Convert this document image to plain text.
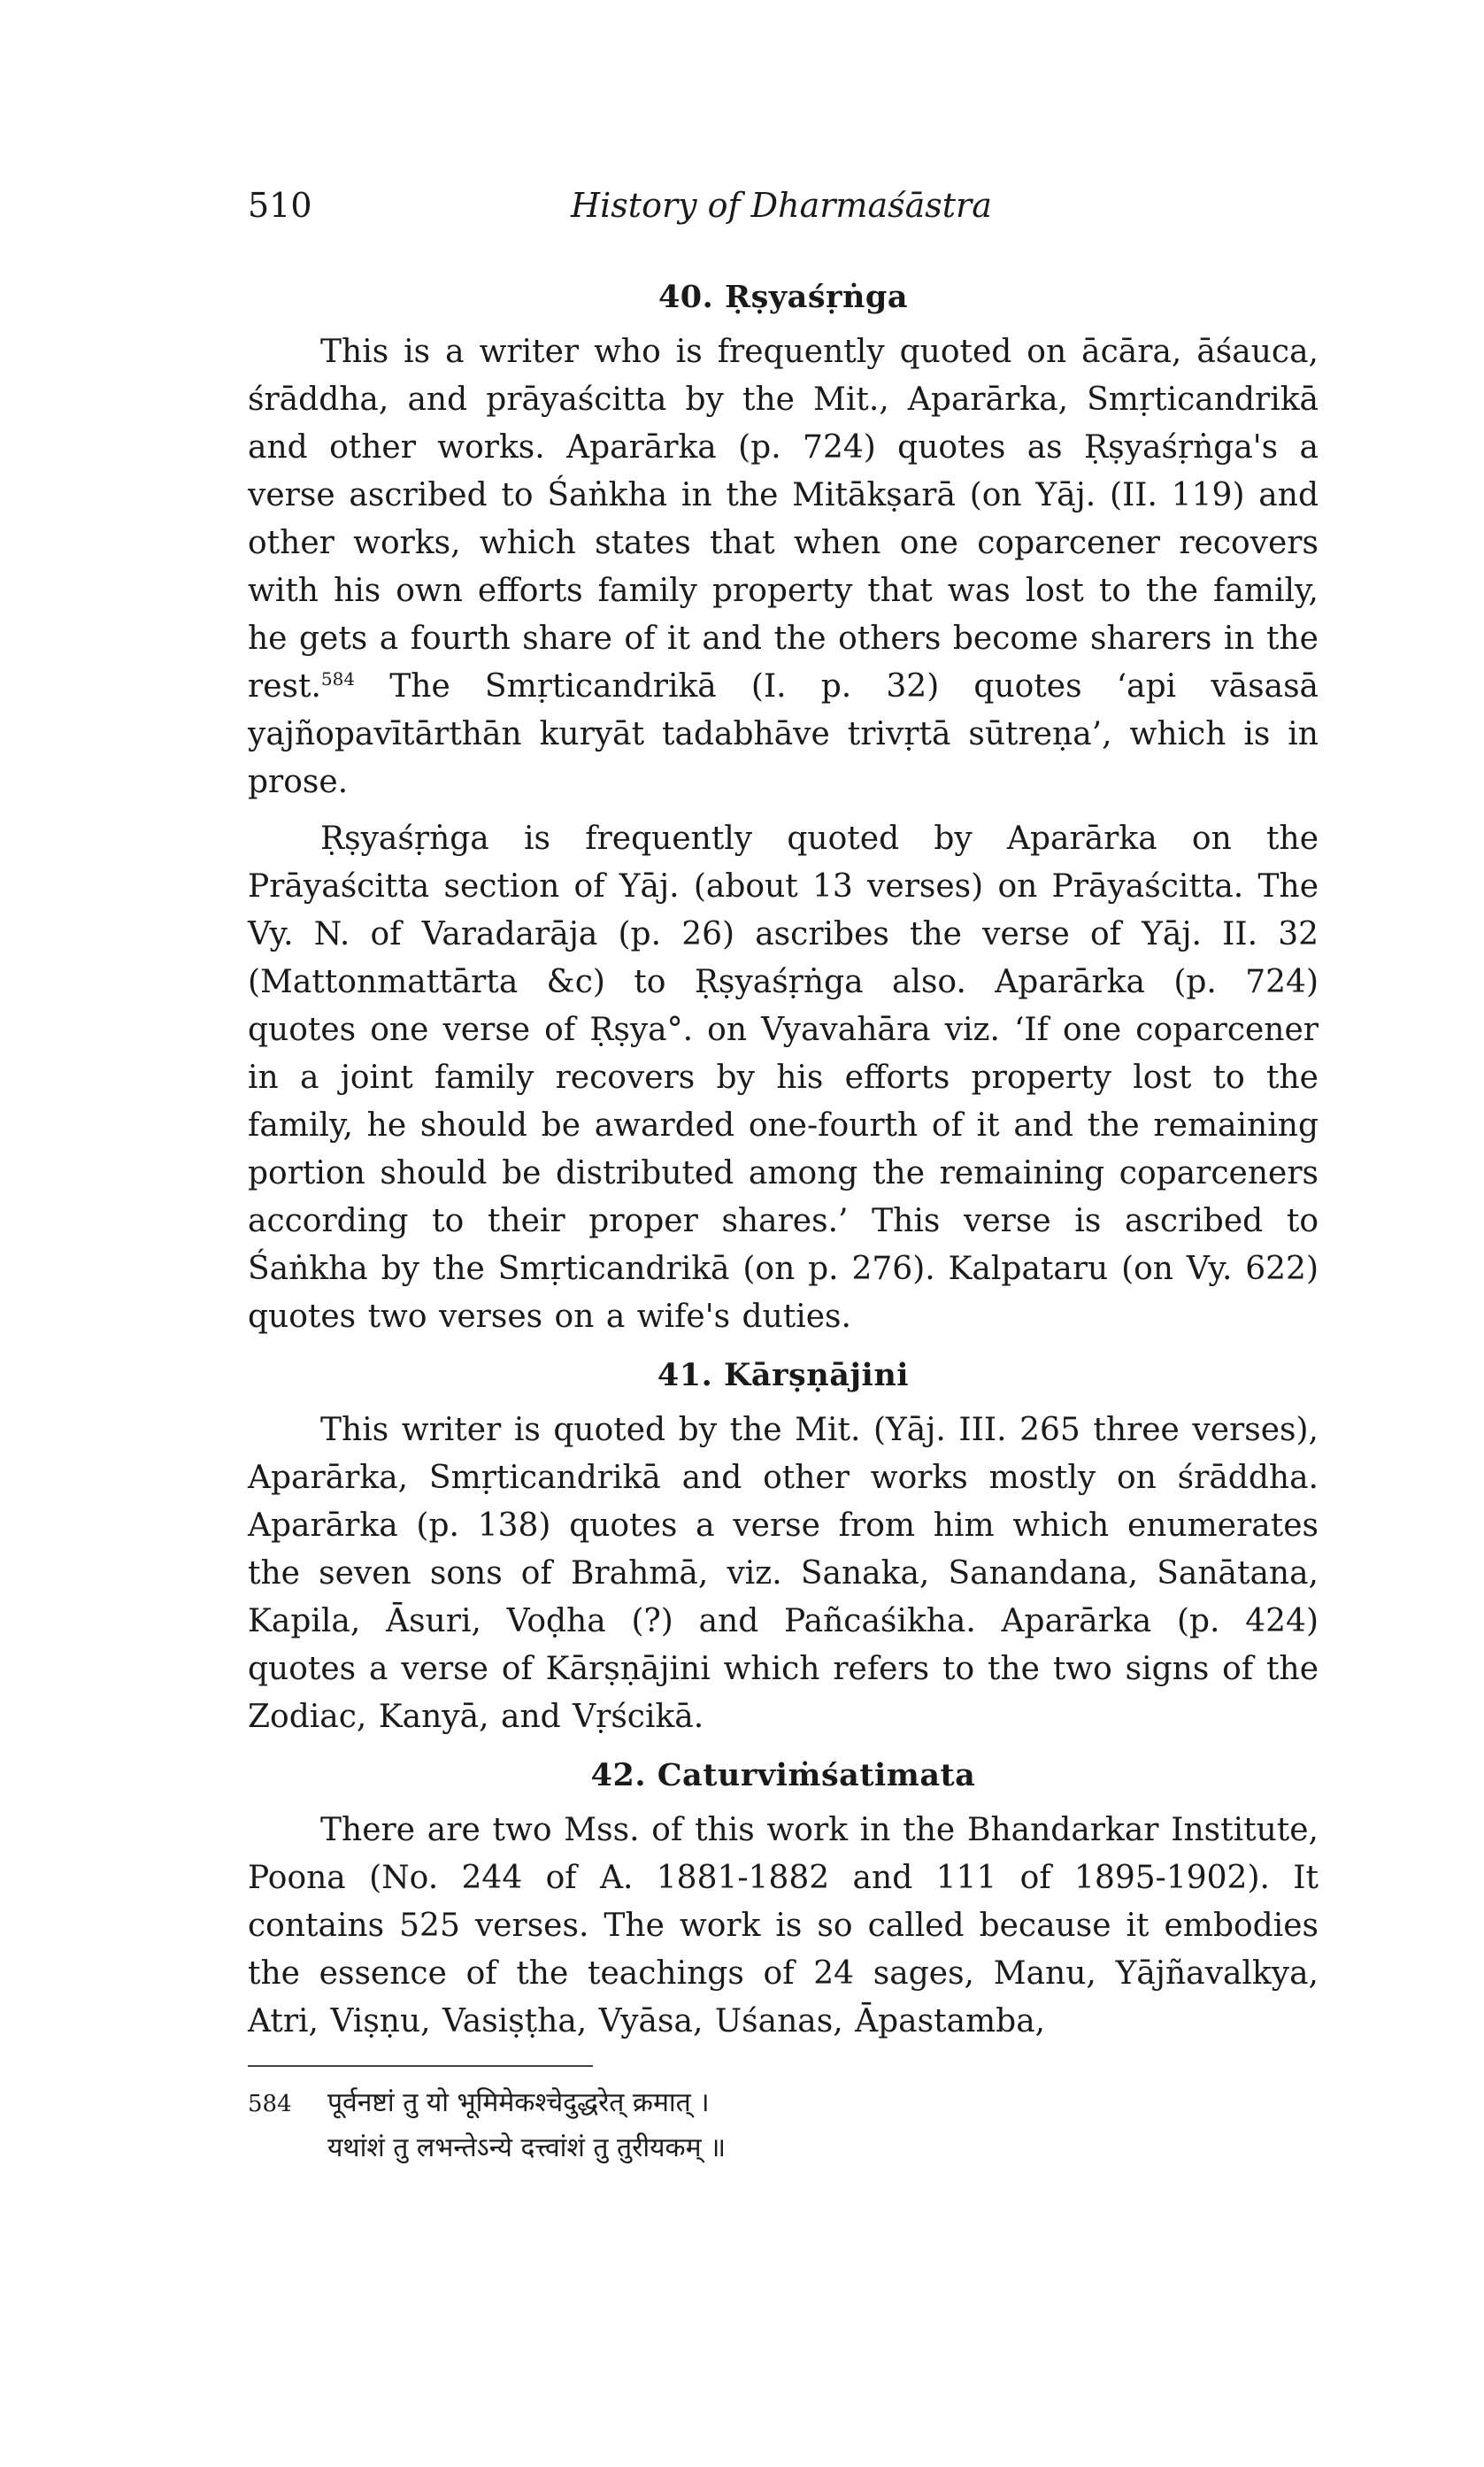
510	History of Dharmaśāstra
40. Ṛṣyaśṛṅga

This is a writer who is frequently quoted on ācāra, āśauca, śrāddha, and prāyaścitta by the Mit., Aparārka, Smṛticandrikā and other works. Aparārka (p. 724) quotes as Ṛṣyaśṛṅga's a verse ascribed to Śaṅkha in the Mitākṣarā (on Yāj. (II. 119) and other works, which states that when one coparcener recovers with his own efforts family property that was lost to the family, he gets a fourth share of it and the others become sharers in the rest.$^{584}$ The Smṛticandrikā (I. p. 32) quotes ‘api vāsasā yajñopavītārthān kuryāt tadabhāve trivṛtā sūtreṇa’, which is in prose.

Ṛṣyaśṛṅga is frequently quoted by Aparārka on the Prāyaścitta section of Yāj. (about 13 verses) on Prāyaścitta. The Vy. N. of Varadarāja (p. 26) ascribes the verse of Yāj. II. 32 (Mattonmattārta &c) to Ṛṣyaśṛṅga also. Aparārka (p. 724) quotes one verse of Ṛṣya°. on Vyavahāra viz. ‘If one coparcener in a joint family recovers by his efforts property lost to the family, he should be awarded one-fourth of it and the remaining portion should be distributed among the remaining coparceners according to their proper shares.’ This verse is ascribed to Śaṅkha by the Smṛticandrikā (on p. 276). Kalpataru (on Vy. 622) quotes two verses on a wife's duties.

41. Kārṣṇājini

This writer is quoted by the Mit. (Yāj. III. 265 three verses), Aparārka, Smṛticandrikā and other works mostly on śrāddha. Aparārka (p. 138) quotes a verse from him which enumerates the seven sons of Brahmā, viz. Sanaka, Sanandana, Sanātana, Kapila, Āsuri, Voḍha (?) and Pañcaśikha. Aparārka (p. 424) quotes a verse of Kārṣṇājini which refers to the two signs of the Zodiac, Kanyā, and Vṛścikā.

42. Caturviṁśatimata

There are two Mss. of this work in the Bhandarkar Institute, Poona (No. 244 of A. 1881-1882 and 111 of 1895-1902). It contains 525 verses. The work is so called because it embodies the essence of the teachings of 24 sages, Manu, Yājñavalkya, Atri, Viṣṇu, Vasiṣṭha, Vyāsa, Uśanas, Āpastamba,

584 पूर्वनष्टां तु यो भूमिमेकश्चेदुद्धरेत् क्रमात् ।
यथांशं तु लभन्तेऽन्ये दत्त्वांशं तु तुरीयकम् ॥
